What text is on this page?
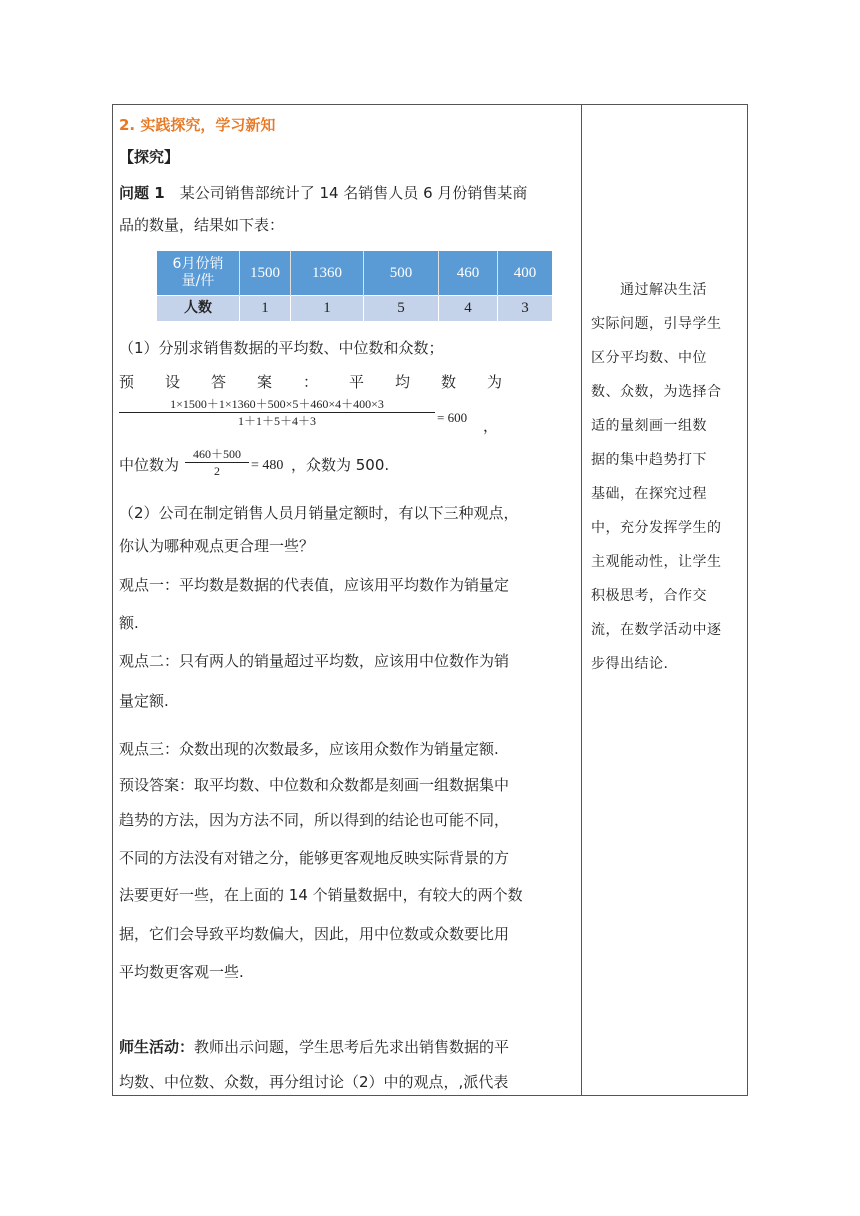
2. 实践探究，学习新知
【探究】
问题 1　 某公司销售部统计了 14 名销售人员 6 月份销售某商
品的数量，结果如下表：
6月份销
量/件	1500	1360	500	460	400
人数	1	1	5	4	3
（1）分别求销售数据的平均数、中位数和众数；
预设答案：平均数为
1×1500＋1×1360＋500×5＋460×4＋400×3
1＋1＋5＋4＋3	= 600 ，
中位数为
460＋500
2	= 480 ，众数为 500.
（2）公司在制定销售人员月销量定额时，有以下三种观点，
你认为哪种观点更合理一些？
观点一：平均数是数据的代表值，应该用平均数作为销量定
额.
观点二：只有两人的销量超过平均数，应该用中位数作为销
量定额.
观点三：众数出现的次数最多，应该用众数作为销量定额.
预设答案：取平均数、中位数和众数都是刻画一组数据集中
趋势的方法，因为方法不同，所以得到的结论也可能不同，
不同的方法没有对错之分，能够更客观地反映实际背景的方
法要更好一些，在上面的 14 个销量数据中，有较大的两个数
据，它们会导致平均数偏大，因此，用中位数或众数要比用
平均数更客观一些.
师生活动：教师出示问题，学生思考后先求出销售数据的平
均数、中位数、众数，再分组讨论（2）中的观点，,派代表
　　通过解决生活
实际问题，引导学生
区分平均数、中位
数、众数，为选择合
适的量刻画一组数
据的集中趋势打下
基础，在探究过程
中，充分发挥学生的
主观能动性，让学生
积极思考，合作交
流，在数学活动中逐
步得出结论.
